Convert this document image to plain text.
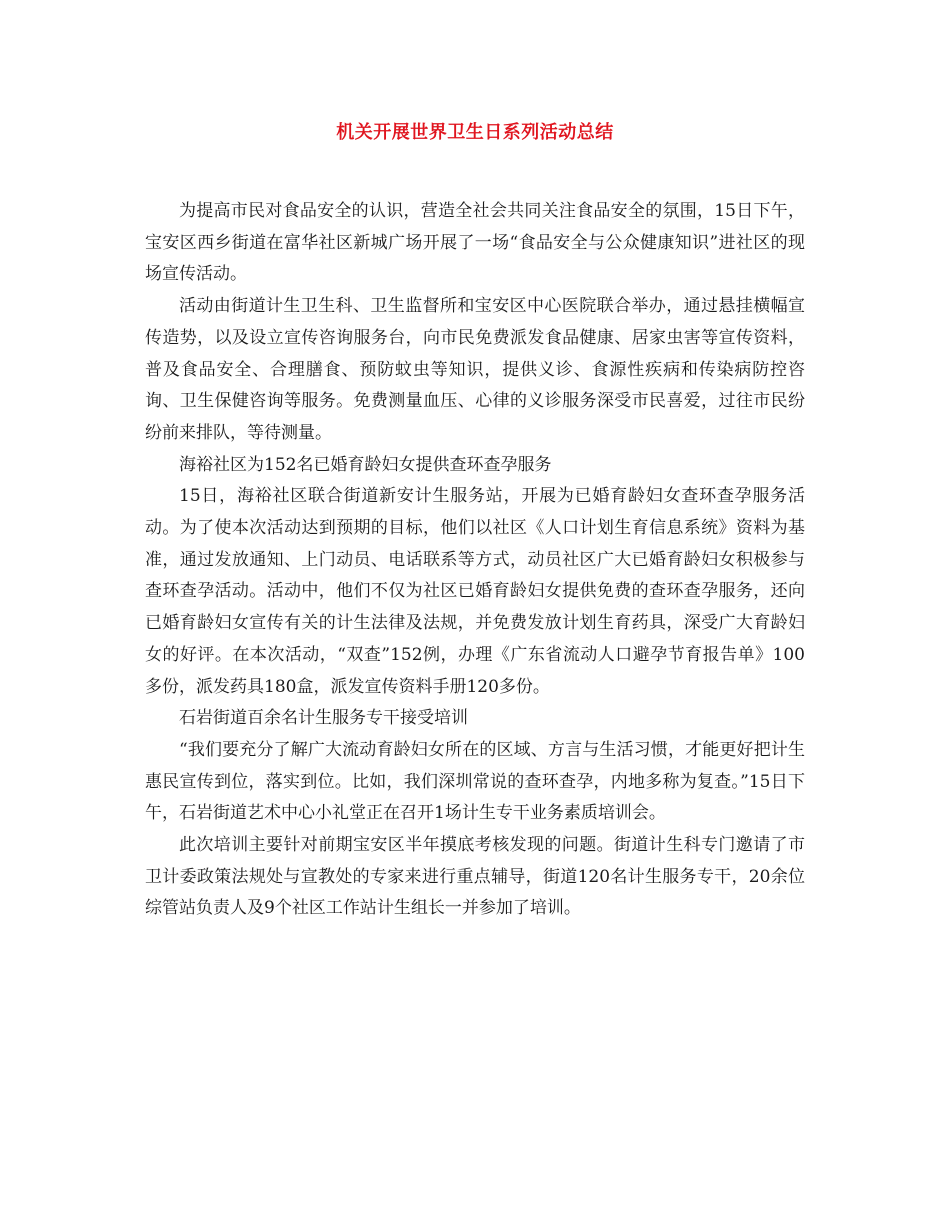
机关开展世界卫生日系列活动总结

为提高市民对食品安全的认识，营造全社会共同关注食品安全的氛围，15日下午，宝安区西乡街道在富华社区新城广场开展了一场“食品安全与公众健康知识”进社区的现场宣传活动。

活动由街道计生卫生科、卫生监督所和宝安区中心医院联合举办，通过悬挂横幅宣传造势，以及设立宣传咨询服务台，向市民免费派发食品健康、居家虫害等宣传资料，普及食品安全、合理膳食、预防蚊虫等知识，提供义诊、食源性疾病和传染病防控咨询、卫生保健咨询等服务。免费测量血压、心律的义诊服务深受市民喜爱，过往市民纷纷前来排队，等待测量。

海裕社区为152名已婚育龄妇女提供查环查孕服务

15日，海裕社区联合街道新安计生服务站，开展为已婚育龄妇女查环查孕服务活动。为了使本次活动达到预期的目标，他们以社区《人口计划生育信息系统》资料为基准，通过发放通知、上门动员、电话联系等方式，动员社区广大已婚育龄妇女积极参与查环查孕活动。活动中，他们不仅为社区已婚育龄妇女提供免费的查环查孕服务，还向已婚育龄妇女宣传有关的计生法律及法规，并免费发放计划生育药具，深受广大育龄妇女的好评。在本次活动，“双查”152例，办理《广东省流动人口避孕节育报告单》100多份，派发药具180盒，派发宣传资料手册120多份。

石岩街道百余名计生服务专干接受培训

“我们要充分了解广大流动育龄妇女所在的区域、方言与生活习惯，才能更好把计生惠民宣传到位，落实到位。比如，我们深圳常说的查环查孕，内地多称为复查。”15日下午，石岩街道艺术中心小礼堂正在召开1场计生专干业务素质培训会。

此次培训主要针对前期宝安区半年摸底考核发现的问题。街道计生科专门邀请了市卫计委政策法规处与宣教处的专家来进行重点辅导，街道120名计生服务专干，20余位综管站负责人及9个社区工作站计生组长一并参加了培训。
